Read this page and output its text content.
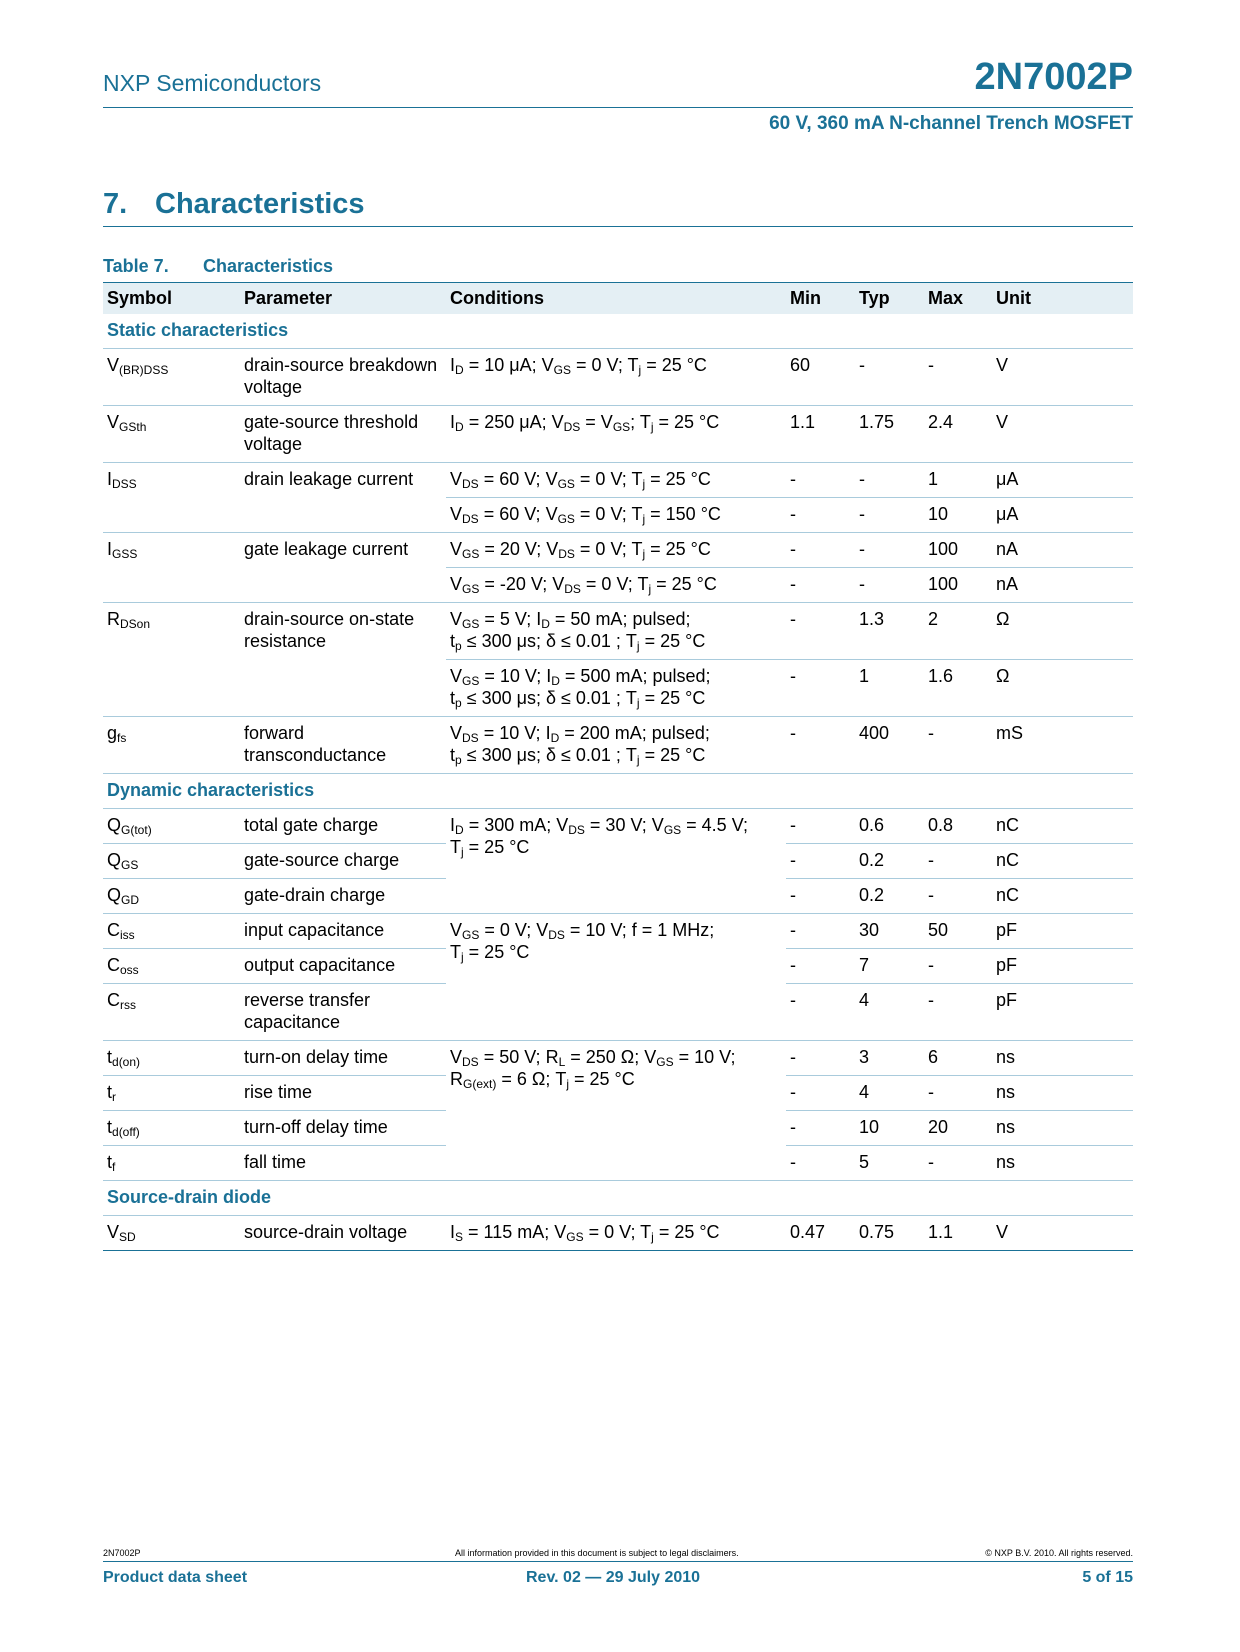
NXP Semiconductors	2N7002P
60 V, 360 mA N-channel Trench MOSFET
7. Characteristics
Table 7. Characteristics
Symbol	Parameter	Conditions	Min	Typ	Max	Unit
Static characteristics						
$V_{(BR)DSS}$	drain-source breakdown voltage	$I_D = 10$ μA; $V_{GS} = 0$ V; $T_j = 25$ °C	60	-	-	V
$V_{GSth}$	gate-source threshold voltage	$I_D = 250$ μA; $V_{DS} = V_{GS}$; $T_j = 25$ °C	1.1	1.75	2.4	V
$I_{DSS}$	drain leakage current	$V_{DS} = 60$ V; $V_{GS} = 0$ V; $T_j = 25$ °C	-	-	1	μA
		$V_{DS} = 60$ V; $V_{GS} = 0$ V; $T_j = 150$ °C	-	-	10	μA
$I_{GSS}$	gate leakage current	$V_{GS} = 20$ V; $V_{DS} = 0$ V; $T_j = 25$ °C	-	-	100	nA
		$V_{GS} = -20$ V; $V_{DS} = 0$ V; $T_j = 25$ °C	-	-	100	nA
$R_{DSon}$	drain-source on-state resistance	$V_{GS} = 5$ V; $I_D = 50$ mA; pulsed;
$t_p \le 300$ μs; δ ≤ 0.01 ; $T_j = 25$ °C	-	1.3	2	Ω
		$V_{GS} = 10$ V; $I_D = 500$ mA; pulsed;
$t_p \le 300$ μs; δ ≤ 0.01 ; $T_j = 25$ °C	-	1	1.6	Ω
$g_{fs}$	forward transconductance	$V_{DS} = 10$ V; $I_D = 200$ mA; pulsed;
$t_p \le 300$ μs; δ ≤ 0.01 ; $T_j = 25$ °C	-	400	-	mS
Dynamic characteristics						
$Q_{G(tot)}$	total gate charge	$I_D = 300$ mA; $V_{DS} = 30$ V; $V_{GS} = 4.5$ V;
$T_j = 25$ °C	-	0.6	0.8	nC
$Q_{GS}$	gate-source charge		-	0.2	-	nC
$Q_{GD}$	gate-drain charge		-	0.2	-	nC
$C_{iss}$	input capacitance	$V_{GS} = 0$ V; $V_{DS} = 10$ V; f = 1 MHz;
$T_j = 25$ °C	-	30	50	pF
$C_{oss}$	output capacitance		-	7	-	pF
$C_{rss}$	reverse transfer capacitance		-	4	-	pF
$t_{d(on)}$	turn-on delay time	$V_{DS} = 50$ V; $R_L = 250$ Ω; $V_{GS} = 10$ V;
$R_{G(ext)} = 6$ Ω; $T_j = 25$ °C	-	3	6	ns
$t_r$	rise time		-	4	-	ns
$t_{d(off)}$	turn-off delay time		-	10	20	ns
$t_f$	fall time		-	5	-	ns
Source-drain diode						
$V_{SD}$	source-drain voltage	$I_S = 115$ mA; $V_{GS} = 0$ V; $T_j = 25$ °C	0.47	0.75	1.1	V
2N7002P	All information provided in this document is subject to legal disclaimers.	© NXP B.V. 2010. All rights reserved.
Product data sheet	Rev. 02 — 29 July 2010	5 of 15
